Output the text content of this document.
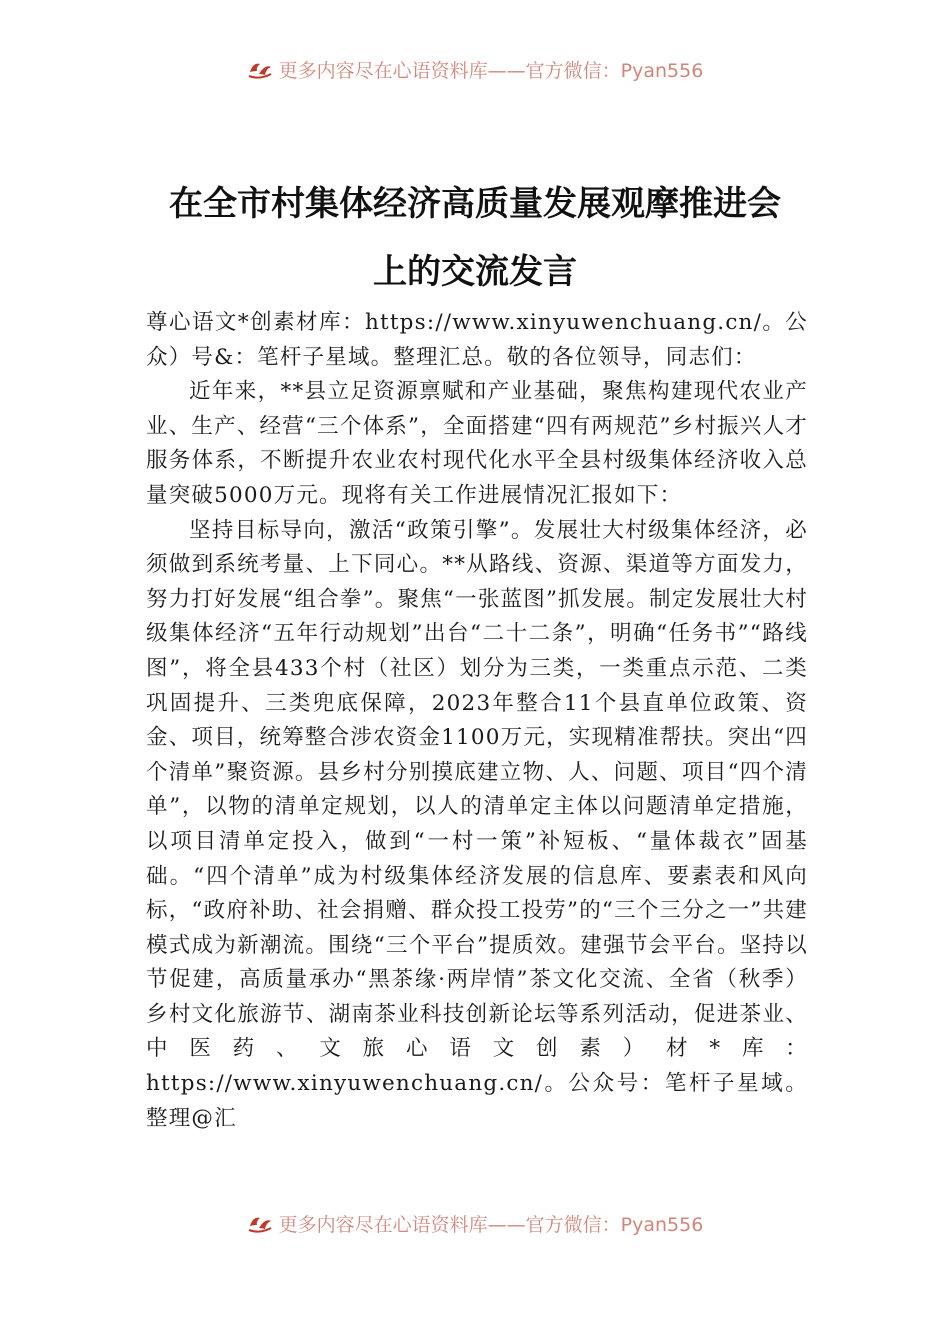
更多内容尽在心语资料库——官方微信：Pyan556
在全市村集体经济高质量发展观摩推进会
上的交流发言

尊心语文*创素材库：https://www.xinyuwenchuang.cn/。公众）号&：笔杆子星域。整理汇总。敬的各位领导，同志们：

近年来，**县立足资源禀赋和产业基础，聚焦构建现代农业产业、生产、经营“三个体系”，全面搭建“四有两规范”乡村振兴人才服务体系，不断提升农业农村现代化水平全县村级集体经济收入总量突破5000万元。现将有关工作进展情况汇报如下：

坚持目标导向，激活“政策引擎”。发展壮大村级集体经济，必须做到系统考量、上下同心。**从路线、资源、渠道等方面发力，努力打好发展“组合拳”。聚焦“一张蓝图”抓发展。制定发展壮大村级集体经济“五年行动规划”出台“二十二条”，明确“任务书”“路线图”，将全县433个村（社区）划分为三类，一类重点示范、二类巩固提升、三类兜底保障，2023年整合11个县直单位政策、资金、项目，统筹整合涉农资金1100万元，实现精准帮扶。突出“四个清单”聚资源。县乡村分别摸底建立物、人、问题、项目“四个清单”，以物的清单定规划，以人的清单定主体以问题清单定措施，以项目清单定投入，做到“一村一策”补短板、“量体裁衣”固基础。“四个清单”成为村级集体经济发展的信息库、要素表和风向标，“政府补助、社会捐赠、群众投工投劳”的“三个三分之一”共建模式成为新潮流。围绕“三个平台”提质效。建强节会平台。坚持以节促建，高质量承办“黑茶缘·两岸情”茶文化交流、全省（秋季）乡村文化旅游节、湖南茶业科技创新论坛等系列活动，促进茶业、中医药、文旅心语文创素）材*库：https://www.xinyuwenchuang.cn/。公众号：笔杆子星域。整理@汇

更多内容尽在心语资料库——官方微信：Pyan556
